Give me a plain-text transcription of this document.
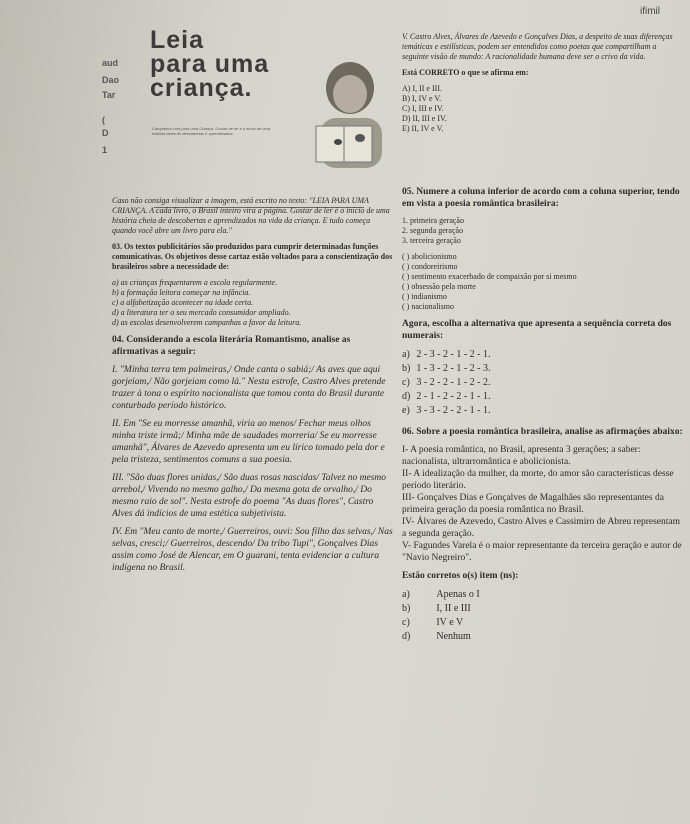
ifimil
aud
Dao
Tar
(
D
1
Leia
para uma
criança.
Campanha Leia para uma Criança. Gostar de ler é o início de uma história cheia de descobertas e aprendizados.

V. Castro Alves, Álvares de Azevedo e Gonçalves Dias, a despeito de suas diferenças temáticas e estilísticas, podem ser entendidos como poetas que compartilham a seguinte visão de mundo: A racionalidade humana deve ser o crivo da vida.

Está CORRETO o que se afirma em:

A) I, II e III.

B) I, IV e V.

C) I, III e IV.

D) II, III e IV.

E) II, IV e V.

Caso não consiga visualizar a imagem, está escrito no texto: "LEIA PARA UMA CRIANÇA. A cada livro, o Brasil inteiro vira a página. Gostar de ler é o início de uma história cheia de descobertas e aprendizados na vida da criança. E tudo começa quando você abre um livro para ela."

03. Os textos publicitários são produzidos para cumprir determinadas funções comunicativas. Os objetivos desse cartaz estão voltados para a conscientização dos brasileiros sobre a necessidade de:

a) as crianças frequentarem a escola regularmente.

b) a formação leitora começar na infância.

c) a alfabetização acontecer na idade certa.

d) a literatura ter o seu mercado consumidor ampliado.

d) as escolas desenvolverem campanhas a favor da leitura.

04. Considerando a escola literária Romantismo, analise as afirmativas a seguir:

I. "Minha terra tem palmeiras,/ Onde canta o sabiá;/ As aves que aqui gorjeiam,/ Não gorjeiam como lá." Nesta estrofe, Castro Alves pretende trazer à tona o espírito nacionalista que tomou conta do Brasil durante conturbado período histórico.

II. Em "Se eu morresse amanhã, viria ao menos/ Fechar meus olhos minha triste irmã;/ Minha mãe de saudades morreria/ Se eu morresse amanhã", Álvares de Azevedo apresenta um eu lírico tomado pela dor e pela tristeza, sentimentos comuns a sua poesia.

III. "São duas flores unidas,/ São duas rosas nascidas/ Talvez no mesmo arrebol,/ Vivendo no mesmo galho,/ Da mesma gota de orvalho,/ Do mesmo raio de sol". Nesta estrofe do poema "As duas flores", Castro Alves dá indícios de uma estética subjetivista.

IV. Em "Meu canto de morte,/ Guerreiros, ouvi: Sou filho das selvas,/ Nas selvas, cresci;/ Guerreiros, descendo/ Da tribo Tupi", Gonçalves Dias assim como José de Alencar, em O guarani, tenta evidenciar a cultura indígena no Brasil.

05. Numere a coluna inferior de acordo com a coluna superior, tendo em vista a poesia romântica brasileira:

1. primeira geração

2. segunda geração

3. terceira geração

( ) abolicionismo

( ) condoreirismo

( ) sentimento exacerbado de compaixão por si mesmo

( ) obsessão pela morte

( ) indianismo

( ) nacionalismo

Agora, escolha a alternativa que apresenta a sequência correta dos numerais:

a)	2 - 3 - 2 - 1 - 2 - 1.
b)	1 - 3 - 2 - 1 - 2 - 3.
c)	3 - 2 - 2 - 1 - 2 - 2.
d)	2 - 1 - 2 - 2 - 1 - 1.
e)	3 - 3 - 2 - 2 - 1 - 1.

06. Sobre a poesia romântica brasileira, analise as afirmações abaixo:

I- A poesia romântica, no Brasil, apresenta 3 gerações; a saber: nacionalista, ultrarromântica e abolicionista.

II- A idealização da mulher, da morte, do amor são características desse período literário.

III- Gonçalves Dias e Gonçalves de Magalhães são representantes da primeira geração da poesia romântica no Brasil.

IV- Álvares de Azevedo, Castro Alves e Cassimiro de Abreu representam a segunda geração.

V- Fagundes Varela é o maior representante da terceira geração e autor de "Navio Negreiro".

Estão corretos o(s) item (ns):

a)	Apenas o I
b)	I, II e III
c)	IV e V
d)	Nenhum
